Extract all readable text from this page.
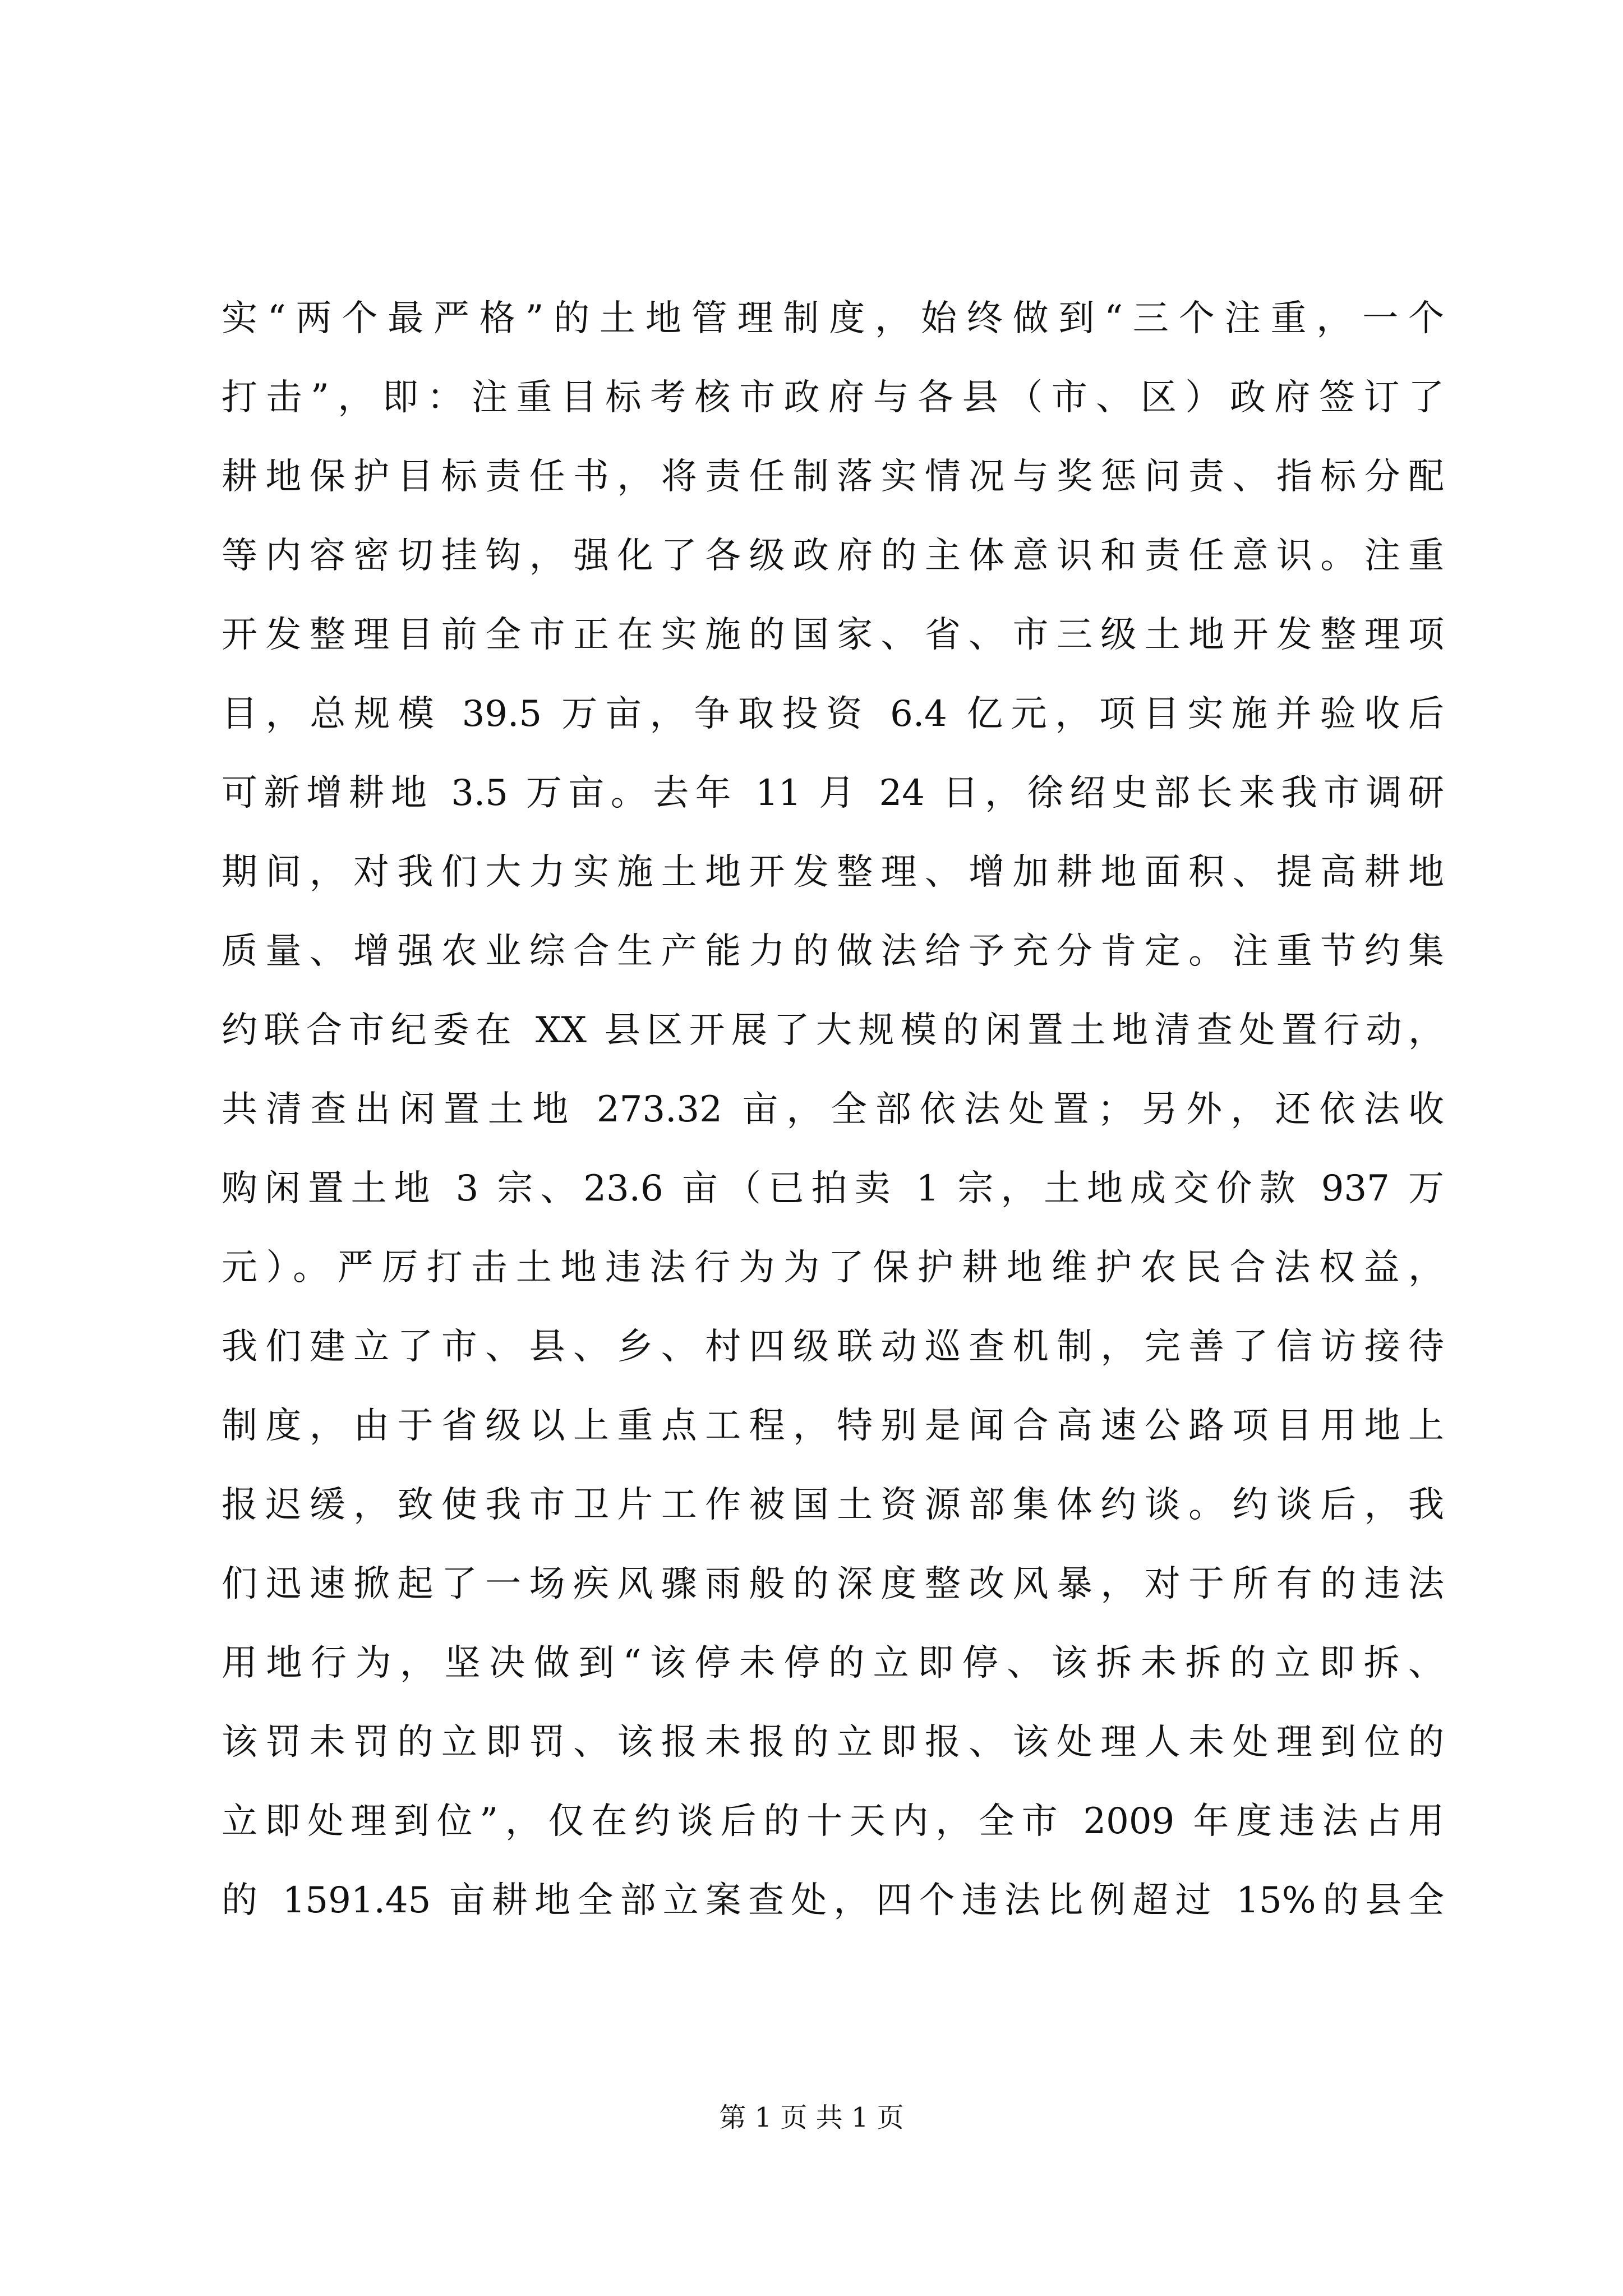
实“两个最严格”的土地管理制度，始终做到“三个注重，一个
打击”，即：注重目标考核市政府与各县（市、区）政府签订了
耕地保护目标责任书，将责任制落实情况与奖惩问责、指标分配
等内容密切挂钩，强化了各级政府的主体意识和责任意识。注重
开发整理目前全市正在实施的国家、省、市三级土地开发整理项
目，总规模 39.5 万亩，争取投资 6.4 亿元，项目实施并验收后
可新增耕地 3.5 万亩。去年 11 月 24 日，徐绍史部长来我市调研
期间，对我们大力实施土地开发整理、增加耕地面积、提高耕地
质量、增强农业综合生产能力的做法给予充分肯定。注重节约集
约联合市纪委在 XX 县区开展了大规模的闲置土地清查处置行动，
共清查出闲置土地 273.32 亩，全部依法处置；另外，还依法收
购闲置土地 3 宗、23.6 亩（已拍卖 1 宗，土地成交价款 937 万
元）。严厉打击土地违法行为为了保护耕地维护农民合法权益，
我们建立了市、县、乡、村四级联动巡查机制，完善了信访接待
制度，由于省级以上重点工程，特别是闻合高速公路项目用地上
报迟缓，致使我市卫片工作被国土资源部集体约谈。约谈后，我
们迅速掀起了一场疾风骤雨般的深度整改风暴，对于所有的违法
用地行为，坚决做到“该停未停的立即停、该拆未拆的立即拆、
该罚未罚的立即罚、该报未报的立即报、该处理人未处理到位的
立即处理到位”，仅在约谈后的十天内，全市 2009 年度违法占用
的 1591.45 亩耕地全部立案查处，四个违法比例超过 15%的县全
第 1 页 共 1 页
